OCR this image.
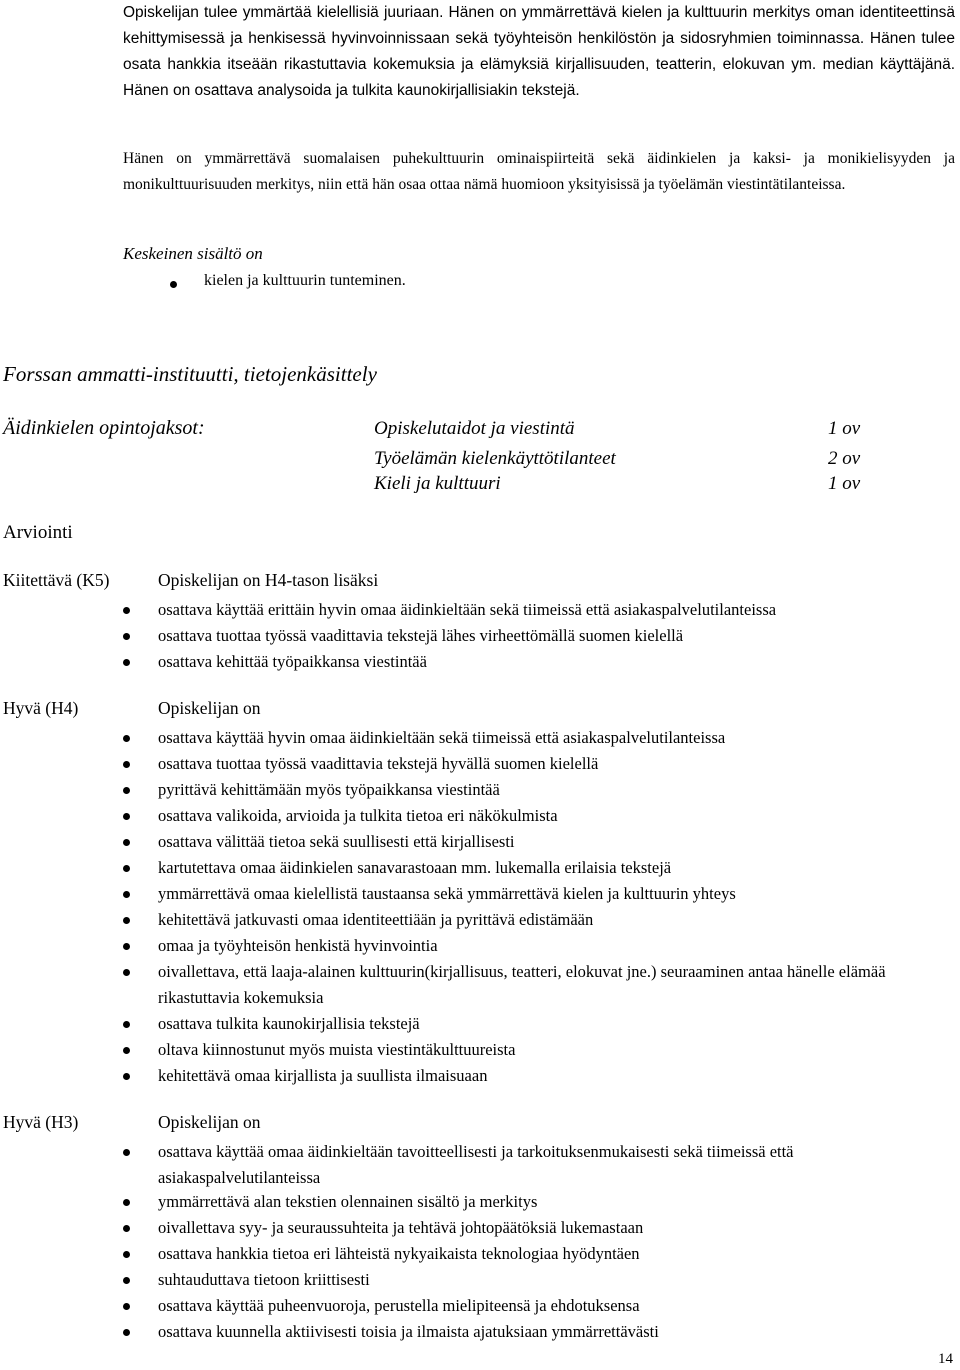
Opiskelijan tulee ymmärtää kielellisiä juuriaan. Hänen on ymmärrettävä kielen ja kulttuurin merkitys oman identiteettinsä kehittymisessä ja henkisessä hyvinvoinnissaan sekä työyhteisön henkilöstön ja sidosryhmien toiminnassa. Hänen tulee osata hankkia itseään rikastuttavia kokemuksia ja elämyksiä kirjallisuuden, teatterin, elokuvan ym. median käyttäjänä. Hänen on osattava analysoida ja tulkita kaunokirjallisiakin tekstejä.

Hänen on ymmärrettävä suomalaisen puhekulttuurin ominaispiirteitä sekä äidinkielen ja kaksi- ja monikielisyyden ja monikulttuurisuuden merkitys, niin että hän osaa ottaa nämä huomioon yksityisissä ja työelämän viestintätilanteissa.

Keskeinen sisältö on
kielen ja kulttuurin tunteminen.
Forssan ammatti-instituutti, tietojenkäsittely
Äidinkielen opintojaksot:	Opiskelutaidot ja viestintä	1 ov
Työelämän kielenkäyttötilanteet	2 ov
Kieli ja kulttuuri	1 ov
Arviointi
Kiitettävä (K5)	Opiskelijan on H4-tason lisäksi
osattava käyttää erittäin hyvin omaa äidinkieltään sekä tiimeissä että asiakaspalvelutilanteissa
osattava tuottaa työssä vaadittavia tekstejä lähes virheettömällä suomen kielellä
osattava kehittää työpaikkansa viestintää
Hyvä (H4)	Opiskelijan on
osattava käyttää hyvin omaa äidinkieltään sekä tiimeissä että asiakaspalvelutilanteissa
osattava tuottaa työssä vaadittavia tekstejä hyvällä suomen kielellä
pyrittävä kehittämään myös työpaikkansa viestintää
osattava valikoida, arvioida ja tulkita tietoa eri näkökulmista
osattava välittää tietoa sekä suullisesti että kirjallisesti
kartutettava omaa äidinkielen sanavarastoaan mm. lukemalla erilaisia tekstejä
ymmärrettävä omaa kielellistä taustaansa sekä ymmärrettävä kielen ja kulttuurin yhteys
kehitettävä jatkuvasti omaa identiteettiään ja pyrittävä edistämään
omaa ja työyhteisön henkistä hyvinvointia
oivallettava, että laaja-alainen kulttuurin(kirjallisuus, teatteri, elokuvat jne.) seuraaminen antaa hänelle elämää rikastuttavia kokemuksia
osattava tulkita kaunokirjallisia tekstejä
oltava kiinnostunut myös muista viestintäkulttuureista
kehitettävä omaa kirjallista ja suullista ilmaisuaan
Hyvä (H3)	Opiskelijan on
osattava käyttää omaa äidinkieltään tavoitteellisesti ja tarkoituksenmukaisesti sekä tiimeissä että asiakaspalvelutilanteissa
ymmärrettävä alan tekstien olennainen sisältö ja merkitys
oivallettava syy- ja seuraussuhteita ja tehtävä johtopäätöksiä lukemastaan
osattava hankkia tietoa eri lähteistä nykyaikaista teknologiaa hyödyntäen
suhtauduttava tietoon kriittisesti
osattava käyttää puheenvuoroja, perustella mielipiteensä ja ehdotuksensa
osattava kuunnella aktiivisesti toisia ja ilmaista ajatuksiaan ymmärrettävästi
14
